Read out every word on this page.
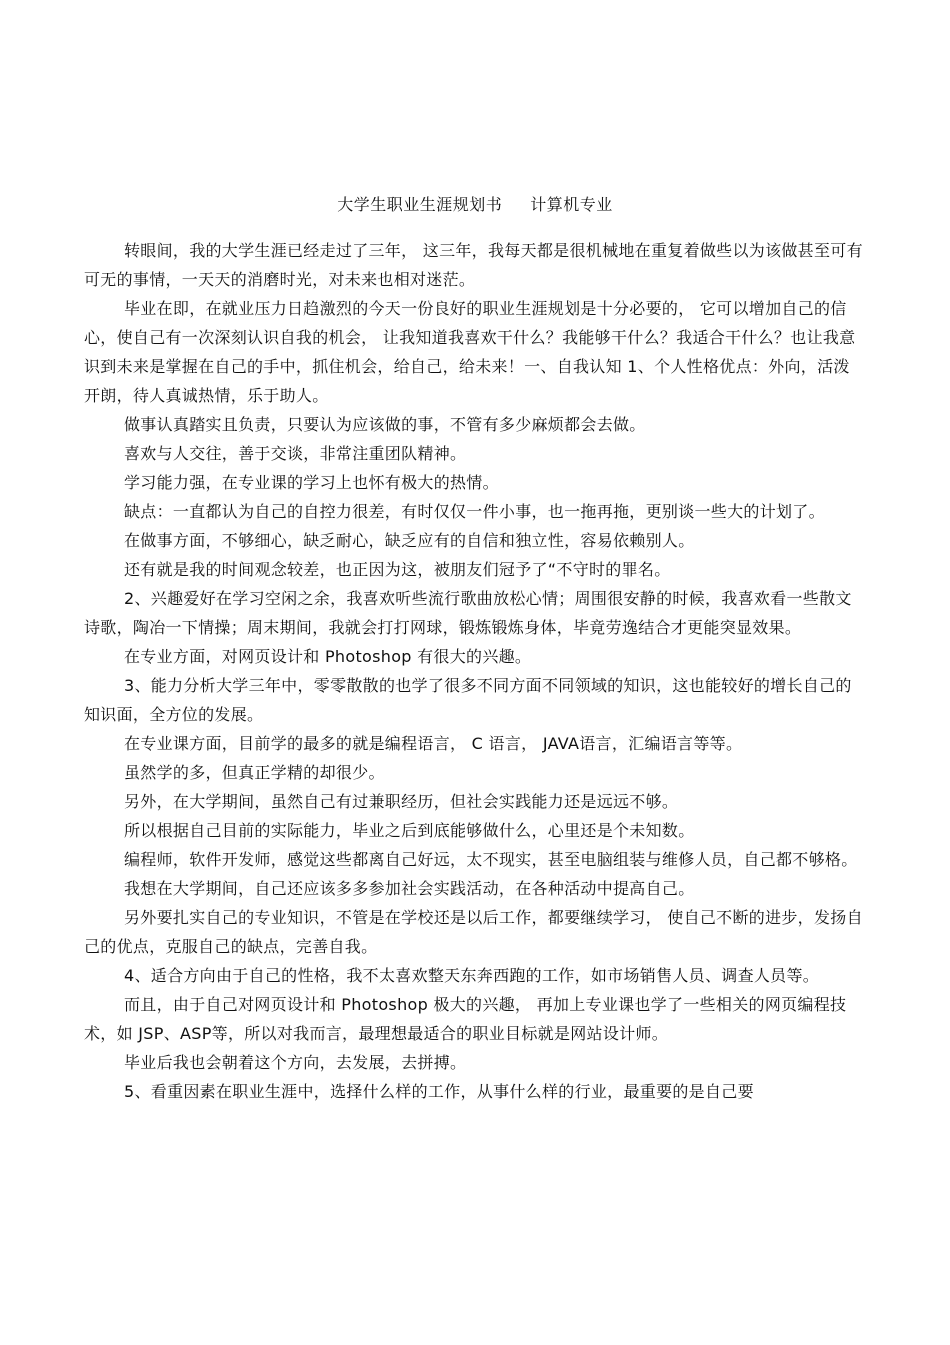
大学生职业生涯规划书 计算机专业

转眼间，我的大学生涯已经走过了三年， 这三年，我每天都是很机械地在重复着做些以为该做甚至可有可无的事情，一天天的消磨时光，对未来也相对迷茫。

毕业在即，在就业压力日趋激烈的今天一份良好的职业生涯规划是十分必要的， 它可以增加自己的信心，使自己有一次深刻认识自我的机会， 让我知道我喜欢干什么？我能够干什么？我适合干什么？也让我意识到未来是掌握在自己的手中，抓住机会，给自己，给未来！一、自我认知 1、个人性格优点：外向，活泼开朗，待人真诚热情，乐于助人。

做事认真踏实且负责，只要认为应该做的事，不管有多少麻烦都会去做。

喜欢与人交往，善于交谈，非常注重团队精神。

学习能力强，在专业课的学习上也怀有极大的热情。

缺点：一直都认为自己的自控力很差，有时仅仅一件小事，也一拖再拖，更别谈一些大的计划了。

在做事方面，不够细心，缺乏耐心，缺乏应有的自信和独立性，容易依赖别人。

还有就是我的时间观念较差，也正因为这，被朋友们冠予了“不守时的罪名。

2、兴趣爱好在学习空闲之余，我喜欢听些流行歌曲放松心情；周围很安静的时候，我喜欢看一些散文诗歌，陶冶一下情操；周末期间，我就会打打网球，锻炼锻炼身体，毕竟劳逸结合才更能突显效果。

在专业方面，对网页设计和 Photoshop 有很大的兴趣。

3、能力分析大学三年中，零零散散的也学了很多不同方面不同领域的知识，这也能较好的增长自己的知识面，全方位的发展。

在专业课方面，目前学的最多的就是编程语言， C 语言， JAVA语言，汇编语言等等。

虽然学的多，但真正学精的却很少。

另外，在大学期间，虽然自己有过兼职经历，但社会实践能力还是远远不够。

所以根据自己目前的实际能力，毕业之后到底能够做什么，心里还是个未知数。

编程师，软件开发师，感觉这些都离自己好远，太不现实，甚至电脑组装与维修人员，自己都不够格。

我想在大学期间，自己还应该多多参加社会实践活动，在各种活动中提高自己。

另外要扎实自己的专业知识，不管是在学校还是以后工作，都要继续学习， 使自己不断的进步，发扬自己的优点，克服自己的缺点，完善自我。

4、适合方向由于自己的性格，我不太喜欢整天东奔西跑的工作，如市场销售人员、调查人员等。

而且，由于自己对网页设计和 Photoshop 极大的兴趣， 再加上专业课也学了一些相关的网页编程技术，如 JSP、ASP等，所以对我而言，最理想最适合的职业目标就是网站设计师。

毕业后我也会朝着这个方向，去发展，去拼搏。

5、看重因素在职业生涯中，选择什么样的工作，从事什么样的行业，最重要的是自己要
